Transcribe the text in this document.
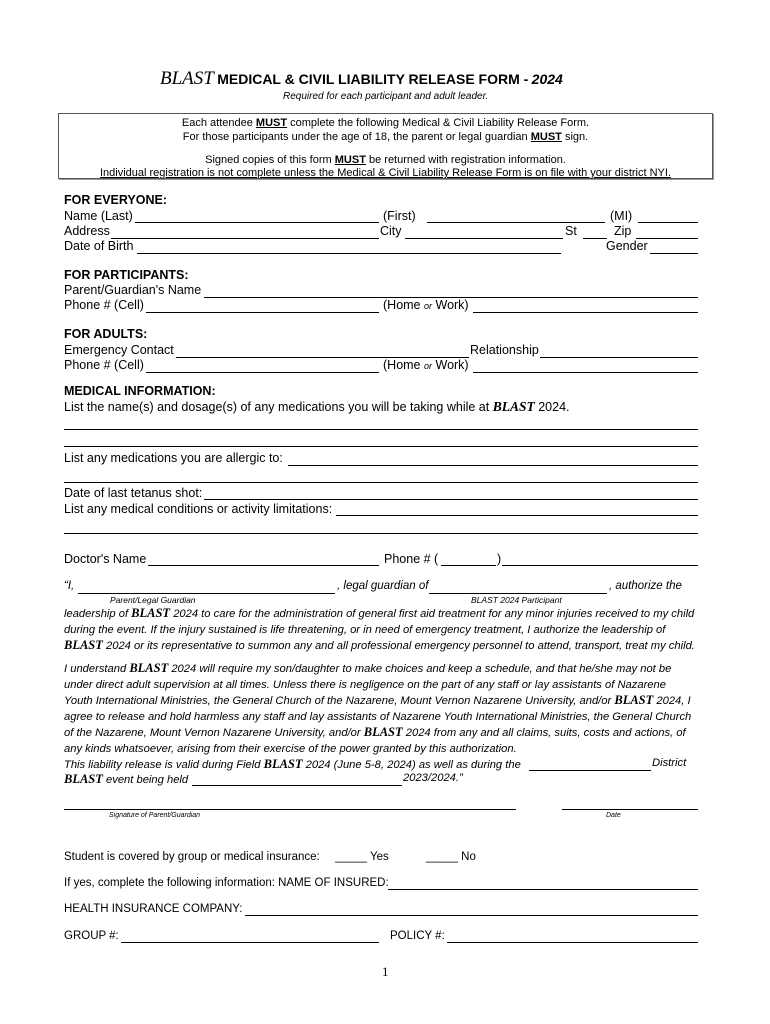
BLAST MEDICAL & CIVIL LIABILITY RELEASE FORM - 2024
Required for each participant and adult leader.
Each attendee MUST complete the following Medical & Civil Liability Release Form.
For those participants under the age of 18, the parent or legal guardian MUST sign.
Signed copies of this form MUST be returned with registration information.
Individual registration is not complete unless the Medical & Civil Liability Release Form is on file with your district NYI.
FOR EVERYONE:
Name (Last)	(First)	(MI)
Address	City	St	Zip
Date of Birth	Gender
FOR PARTICIPANTS:
Parent/Guardian's Name
Phone # (Cell)	(Home or Work)
FOR ADULTS:
Emergency Contact	Relationship
Phone # (Cell)	(Home or Work)
MEDICAL INFORMATION:
List the name(s) and dosage(s) of any medications you will be taking while at BLAST 2024.
List any medications you are allergic to:
Date of last tetanus shot:
List any medical conditions or activity limitations:
Doctor's Name	Phone # (	)
“I,	, legal guardian of	, authorize the
Parent/Legal Guardian	BLAST 2024 Participant
leadership of BLAST 2024 to care for the administration of general first aid treatment for any minor injuries received to my child
during the event. If the injury sustained is life threatening, or in need of emergency treatment, I authorize the leadership of
BLAST 2024 or its representative to summon any and all professional emergency personnel to attend, transport, treat my child.
I understand BLAST 2024 will require my son/daughter to make choices and keep a schedule, and that he/she may not be
under direct adult supervision at all times. Unless there is negligence on the part of any staff or lay assistants of Nazarene
Youth International Ministries, the General Church of the Nazarene, Mount Vernon Nazarene University, and/or BLAST 2024, I
agree to release and hold harmless any staff and lay assistants of Nazarene Youth International Ministries, the General Church
of the Nazarene, Mount Vernon Nazarene University, and/or BLAST 2024 from any and all claims, suits, costs and actions, of
any kinds whatsoever, arising from their exercise of the power granted by this authorization.
This liability release is valid during Field BLAST 2024 (June 5-8, 2024) as well as during the	District
BLAST event being held	2023/2024.”
Signature of Parent/Guardian	Date
Student is covered by group or medical insurance: _____ Yes	_____ No
If yes, complete the following information: NAME OF INSURED:
HEALTH INSURANCE COMPANY:
GROUP #:	POLICY #:
1
